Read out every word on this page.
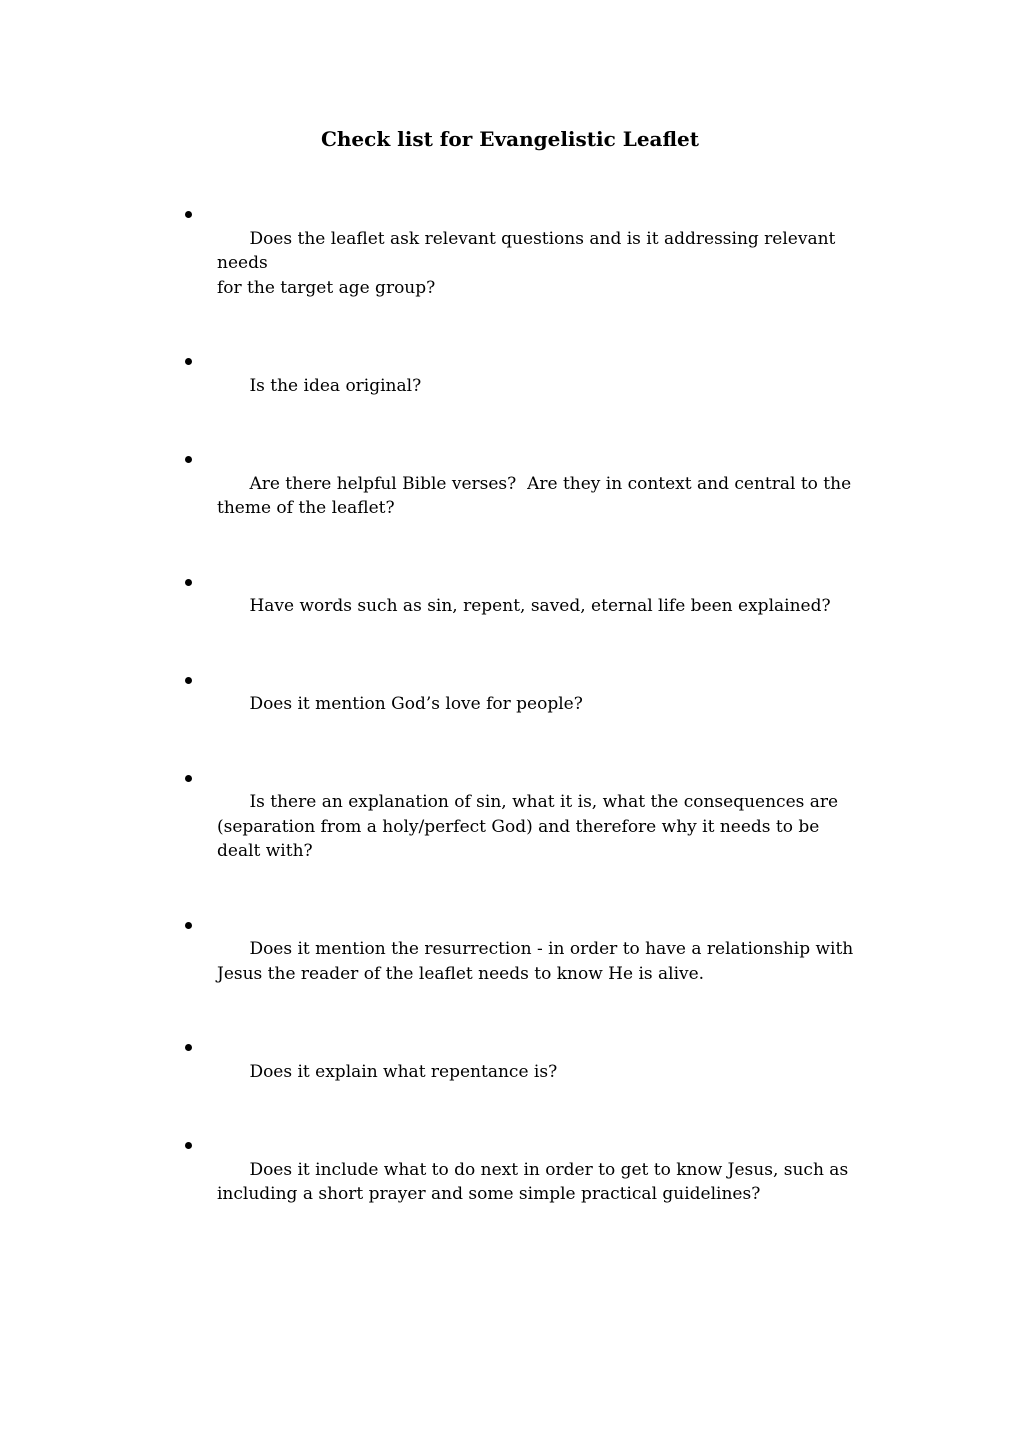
Check list for Evangelistic Leaflet

Does the leaflet ask relevant questions and is it addressing relevant needs
for the target age group?

Is the idea original?

Are there helpful Bible verses?  Are they in context and central to the
theme of the leaflet?

Have words such as sin, repent, saved, eternal life been explained?

Does it mention God’s love for people?

Is there an explanation of sin, what it is, what the consequences are
(separation from a holy/perfect God) and therefore why it needs to be
dealt with?

Does it mention the resurrection - in order to have a relationship with
Jesus the reader of the leaflet needs to know He is alive.

Does it explain what repentance is?

Does it include what to do next in order to get to know Jesus, such as
including a short prayer and some simple practical guidelines?
